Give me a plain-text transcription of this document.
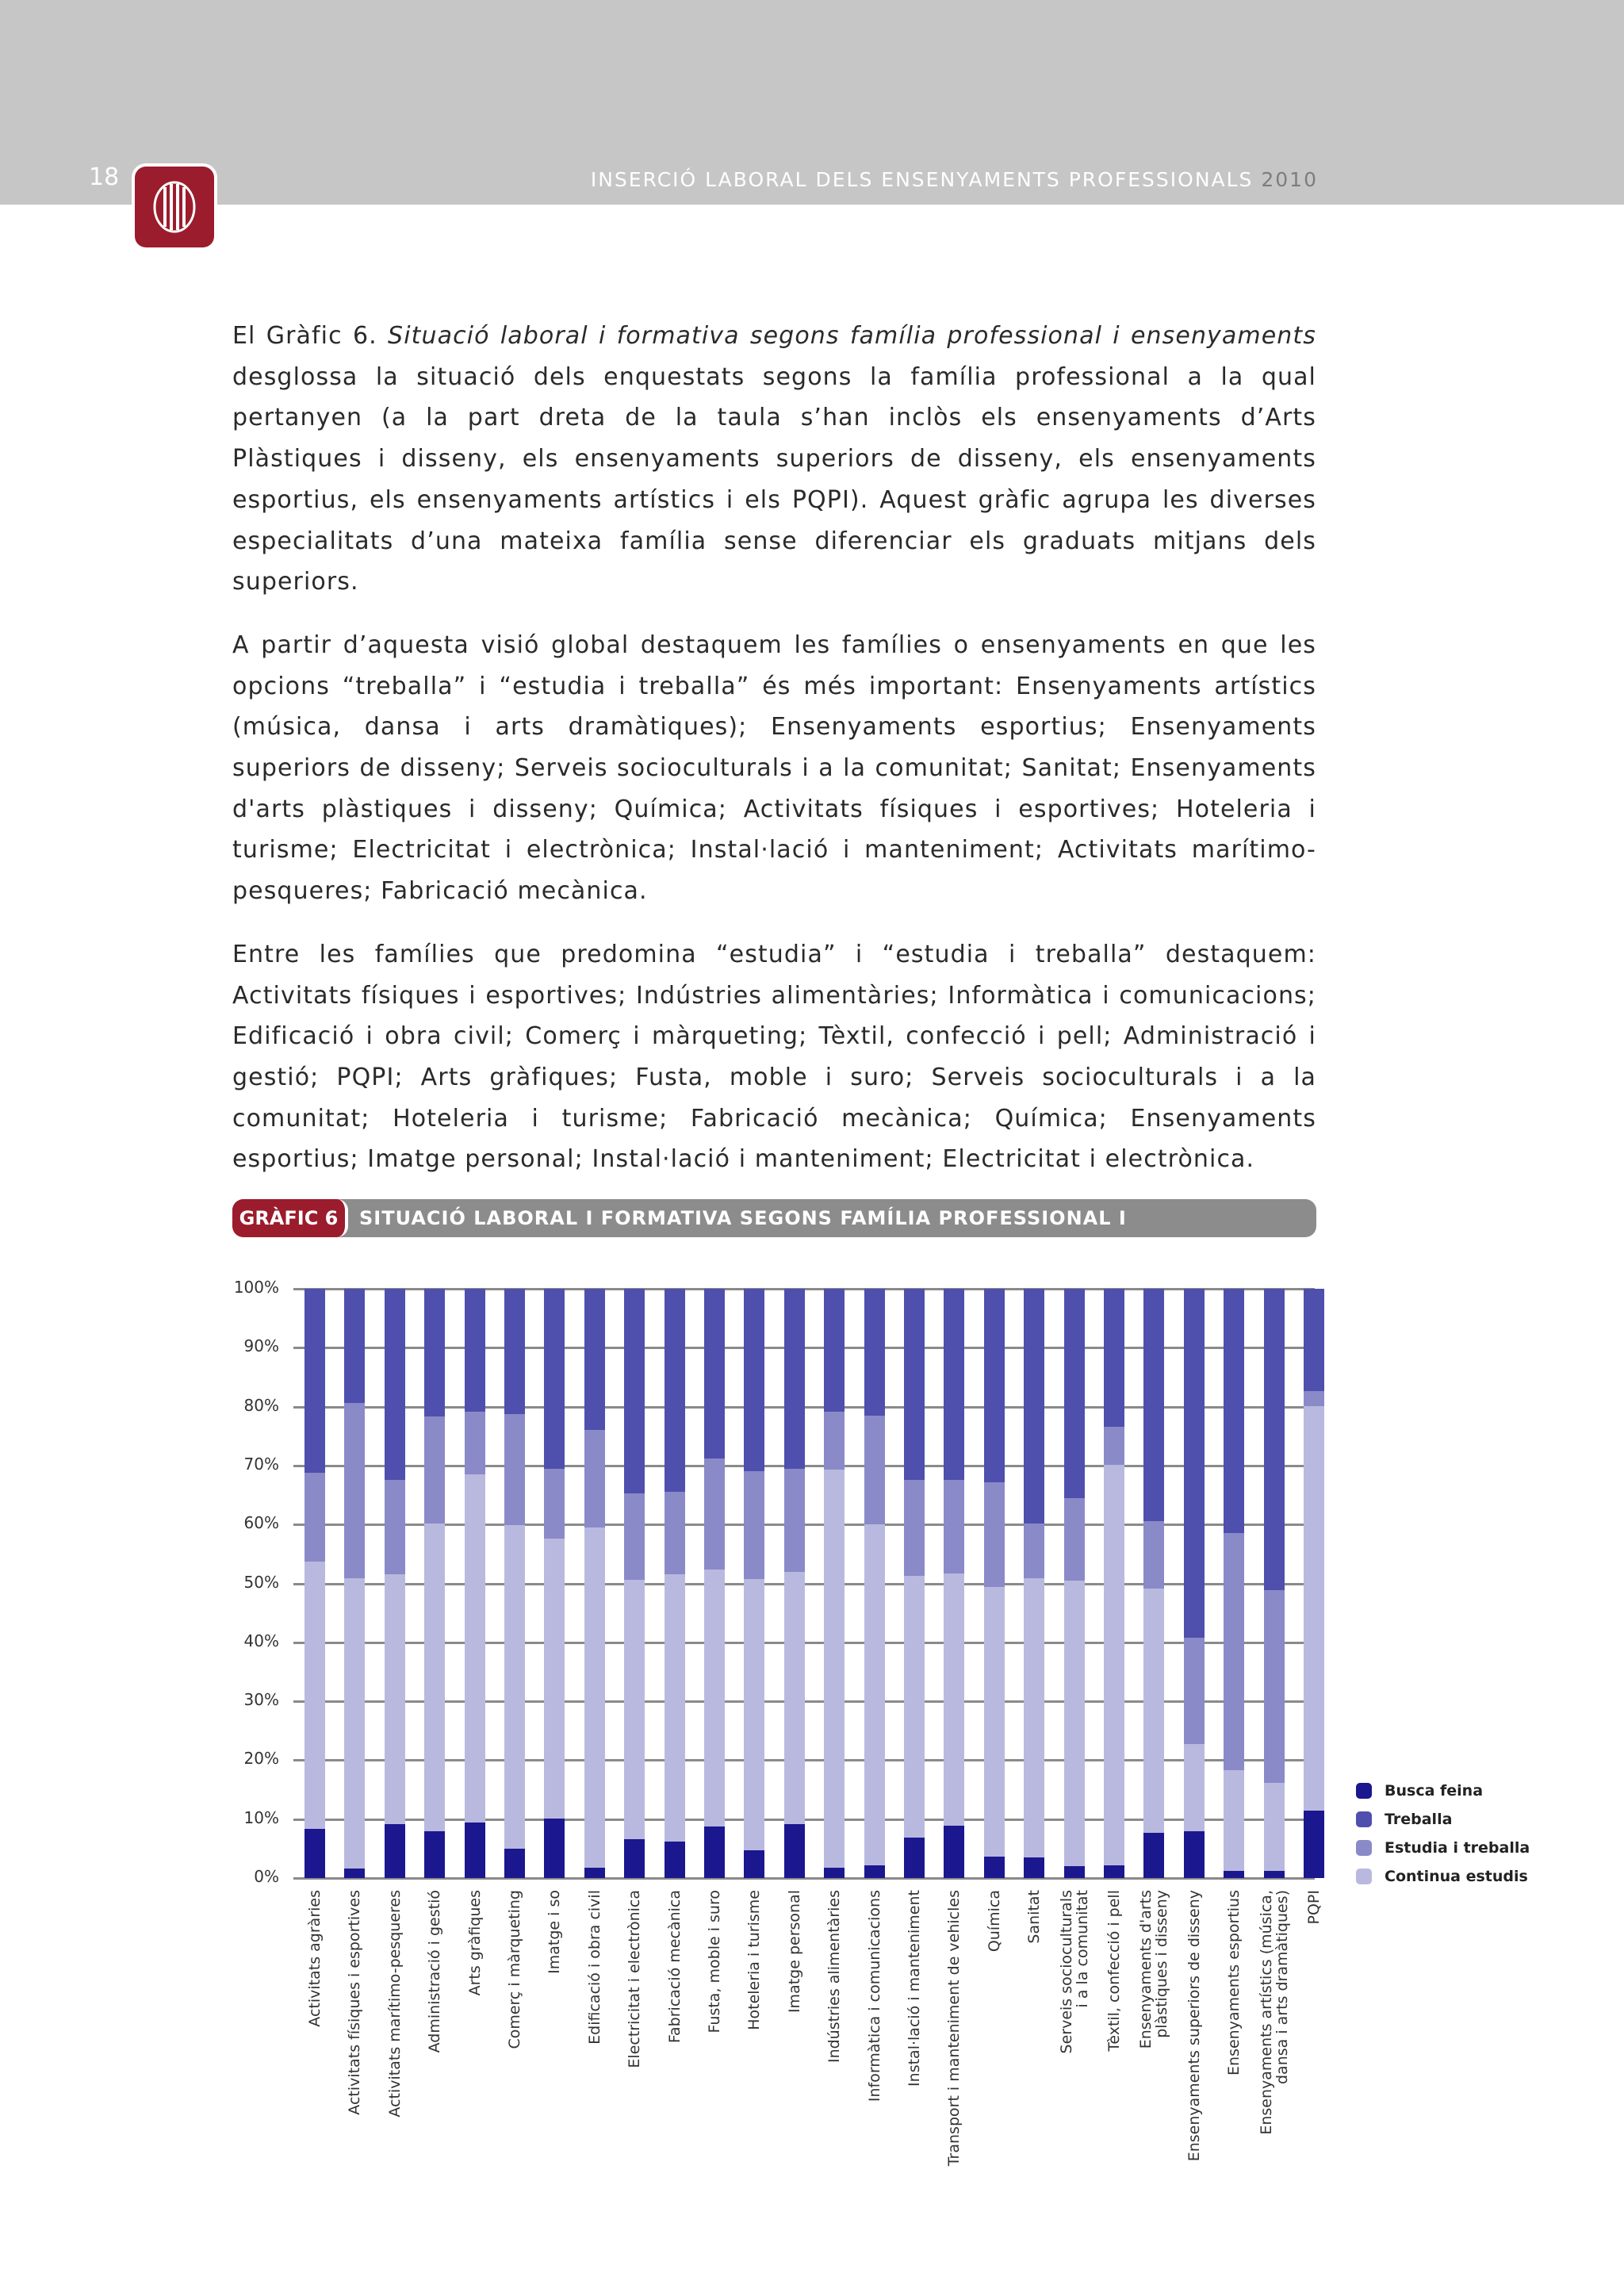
18	INSERCIÓ LABORAL DELS ENSENYAMENTS PROFESSIONALS 2010

El Gràfic 6. Situació laboral i formativa segons família professional i ensenyaments desglossa la situació dels enquestats segons la família professional a la qual pertanyen (a la part dreta de la taula s’han inclòs els ensenyaments d’Arts Plàstiques i disseny, els ensenyaments superiors de disseny, els ensenyaments esportius, els ensenyaments artístics i els PQPI). Aquest gràfic agrupa les diverses especialitats d’una mateixa família sense diferenciar els graduats mitjans dels superiors.

A partir d’aquesta visió global destaquem les famílies o ensenyaments en que les opcions “treballa” i “estudia i treballa” és més important: Ensenyaments artístics (música, dansa i arts dramàtiques); Ensenyaments esportius; Ensenyaments superiors de disseny; Serveis socioculturals i a la comunitat; Sanitat; Ensenyaments d'arts plàstiques i disseny; Química; Activitats físiques i esportives; Hoteleria i turisme; Electricitat i electrònica; Instal·lació i manteniment; Activitats marítimo-pesqueres; Fabricació mecànica.

Entre les famílies que predomina “estudia” i “estudia i treballa” destaquem: Activitats físiques i esportives; Indústries alimentàries; Informàtica i comunicacions; Edificació i obra civil; Comerç i màrqueting; Tèxtil, confecció i pell; Administració i gestió; PQPI; Arts gràfiques; Fusta, moble i suro; Serveis socioculturals i a la comunitat; Hoteleria i turisme; Fabricació mecànica; Química; Ensenyaments esportius; Imatge personal; Instal·lació i manteniment; Electricitat i electrònica.

GRÀFIC 6	SITUACIÓ LABORAL I FORMATIVA SEGONS FAMÍLIA PROFESSIONAL I ENSENYAMENTS
0%
10%
20%
30%
40%
50%
60%
70%
80%
90%
100%
Activitats agràries Activitats físiques i esportives Activitats marítimo-pesqueres Administració i gestió Arts gràfiques Comerç i màrqueting Imatge i so Edificació i obra civil Electricitat i electrònica Fabricació mecànica Fusta, moble i suro Hoteleria i turisme Imatge personal Indústries alimentàries Informàtica i comunicacions Instal·lació i manteniment Transport i manteniment de vehicles Química Sanitat
Serveis socioculturals
i a la comunitat Tèxtil, confecció i pell Ensenyaments d'arts
plàstiques i disseny Ensenyaments superiors de disseny Ensenyaments esportius
Ensenyaments artístics (música,
dansa i arts dramàtiques) PQPI
Busca feina
Treballa
Estudia i treballa
Continua estudis
